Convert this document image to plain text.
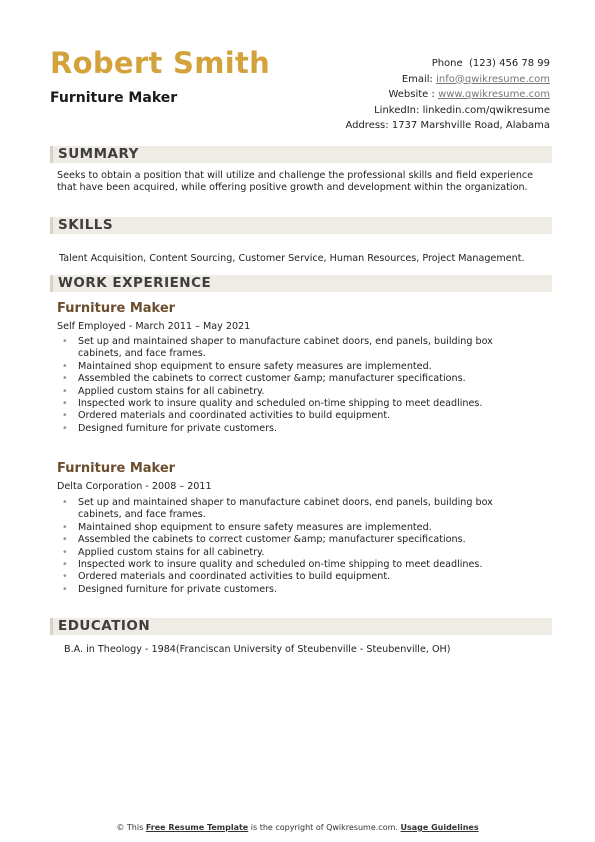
Robert Smith
Furniture Maker
Phone (123) 456 78 99
Email: info@qwikresume.com
Website : www.qwikresume.com
LinkedIn: linkedin.com/qwikresume
Address: 1737 Marshville Road, Alabama
SUMMARY
Seeks to obtain a position that will utilize and challenge the professional skills and field experience that have been acquired, while offering positive growth and development within the organization.
SKILLS
Talent Acquisition, Content Sourcing, Customer Service, Human Resources, Project Management.
WORK EXPERIENCE
Furniture Maker
Self Employed - March 2011 – May 2021
• Set up and maintained shaper to manufacture cabinet doors, end panels, building box cabinets, and face frames.
• Maintained shop equipment to ensure safety measures are implemented.
• Assembled the cabinets to correct customer &amp; manufacturer specifications.
• Applied custom stains for all cabinetry.
• Inspected work to insure quality and scheduled on-time shipping to meet deadlines.
• Ordered materials and coordinated activities to build equipment.
• Designed furniture for private customers.
Furniture Maker
Delta Corporation - 2008 – 2011
• Set up and maintained shaper to manufacture cabinet doors, end panels, building box cabinets, and face frames.
• Maintained shop equipment to ensure safety measures are implemented.
• Assembled the cabinets to correct customer &amp; manufacturer specifications.
• Applied custom stains for all cabinetry.
• Inspected work to insure quality and scheduled on-time shipping to meet deadlines.
• Ordered materials and coordinated activities to build equipment.
• Designed furniture for private customers.
EDUCATION
B.A. in Theology - 1984(Franciscan University of Steubenville - Steubenville, OH)
© This Free Resume Template is the copyright of Qwikresume.com. Usage Guidelines
